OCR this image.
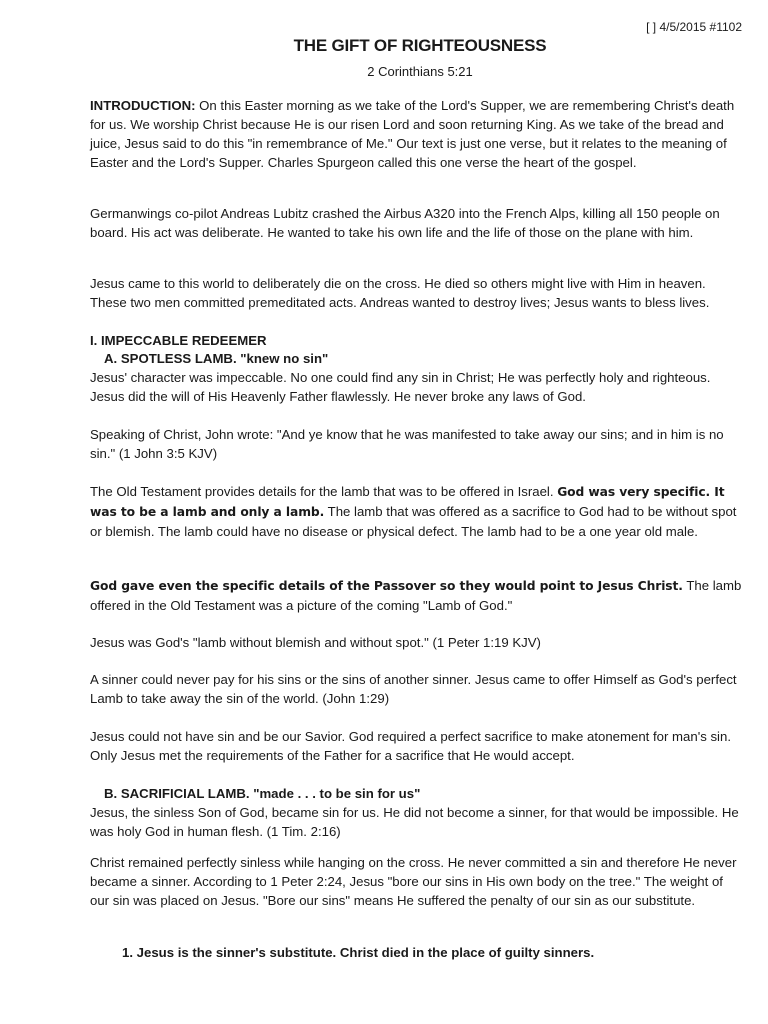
[ ] 4/5/2015 #1102
THE GIFT OF RIGHTEOUSNESS
2 Corinthians 5:21

INTRODUCTION: On this Easter morning as we take of the Lord's Supper, we are remembering Christ's death for us. We worship Christ because He is our risen Lord and soon returning King. As we take of the bread and juice, Jesus said to do this "in remembrance of Me." Our text is just one verse, but it relates to the meaning of Easter and the Lord's Supper. Charles Spurgeon called this one verse the heart of the gospel.

Germanwings co-pilot Andreas Lubitz crashed the Airbus A320 into the French Alps, killing all 150 people on board. His act was deliberate. He wanted to take his own life and the life of those on the plane with him.

Jesus came to this world to deliberately die on the cross. He died so others might live with Him in heaven. These two men committed premeditated acts. Andreas wanted to destroy lives; Jesus wants to bless lives.

I. IMPECCABLE REDEEMER

A. SPOTLESS LAMB. "knew no sin"

Jesus' character was impeccable. No one could find any sin in Christ; He was perfectly holy and righteous. Jesus did the will of His Heavenly Father flawlessly. He never broke any laws of God.

Speaking of Christ, John wrote: "And ye know that he was manifested to take away our sins; and in him is no sin." (1 John 3:5 KJV)

The Old Testament provides details for the lamb that was to be offered in Israel. God was very specific. It was to be a lamb and only a lamb. The lamb that was offered as a sacrifice to God had to be without spot or blemish. The lamb could have no disease or physical defect. The lamb had to be a one year old male.

God gave even the specific details of the Passover so they would point to Jesus Christ. The lamb offered in the Old Testament was a picture of the coming "Lamb of God."

Jesus was God's "lamb without blemish and without spot." (1 Peter 1:19 KJV)

A sinner could never pay for his sins or the sins of another sinner. Jesus came to offer Himself as God's perfect Lamb to take away the sin of the world. (John 1:29)

Jesus could not have sin and be our Savior. God required a perfect sacrifice to make atonement for man's sin. Only Jesus met the requirements of the Father for a sacrifice that He would accept.

B. SACRIFICIAL LAMB. "made . . . to be sin for us"

Jesus, the sinless Son of God, became sin for us. He did not become a sinner, for that would be impossible. He was holy God in human flesh. (1 Tim. 2:16)

Christ remained perfectly sinless while hanging on the cross. He never committed a sin and therefore He never became a sinner. According to 1 Peter 2:24, Jesus "bore our sins in His own body on the tree." The weight of our sin was placed on Jesus. "Bore our sins" means He suffered the penalty of our sin as our substitute.

1. Jesus is the sinner's substitute. Christ died in the place of guilty sinners.
